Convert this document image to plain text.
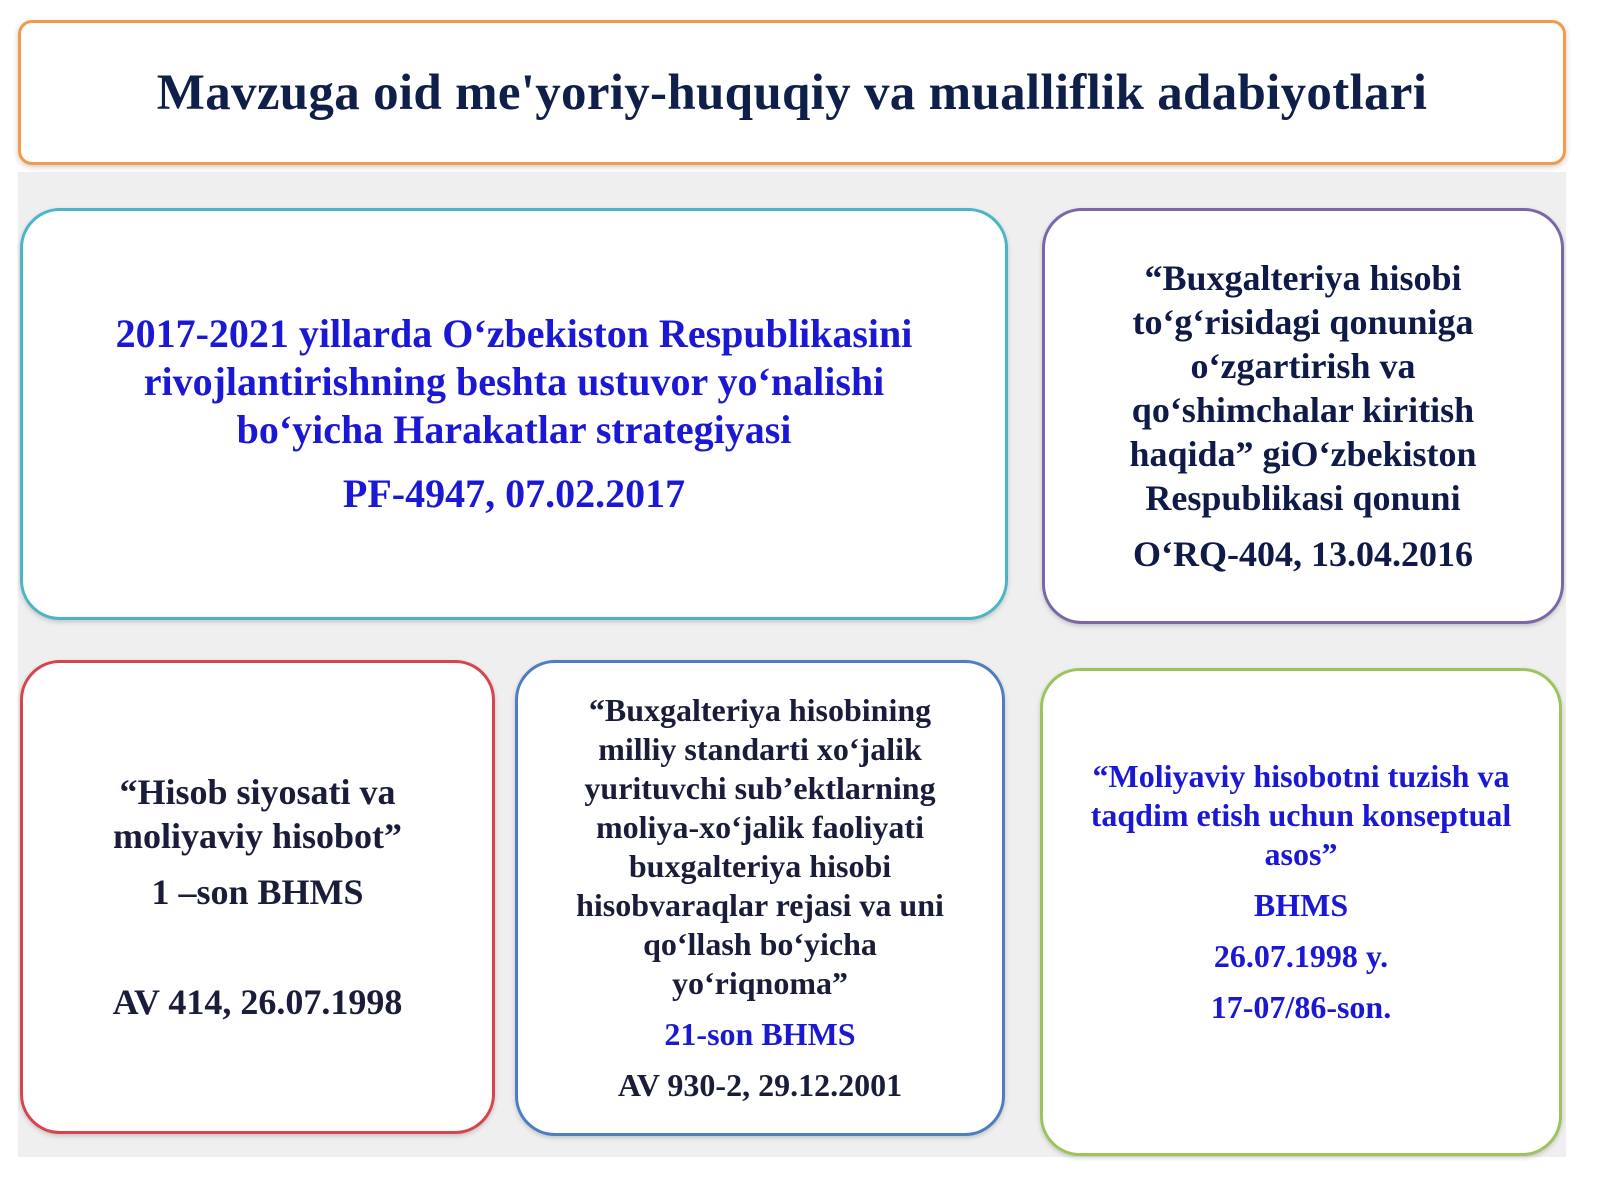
Mavzuga oid me'yoriy-huquqiy va mualliflik adabiyotlari
2017-2021 yillarda O‘zbekiston Respublikasini
rivojlantirishning beshta ustuvor yo‘nalishi
bo‘yicha Harakatlar strategiyasi
PF-4947, 07.02.2017
“Buxgalteriya hisobi
to‘g‘risidagi qonuniga
o‘zgartirish va
qo‘shimchalar kiritish
haqida” giO‘zbekiston
Respublikasi qonuni
O‘RQ-404, 13.04.2016
“Hisob siyosati va
moliyaviy hisobot”
1 –son BHMS
AV 414, 26.07.1998
“Buxgalteriya hisobining
milliy standarti xo‘jalik
yurituvchi sub’ektlarning
moliya-xo‘jalik faoliyati
buxgalteriya hisobi
hisobvaraqlar rejasi va uni
qo‘llash bo‘yicha
yo‘riqnoma”
21-son BHMS
AV 930-2, 29.12.2001
“Moliyaviy hisobotni tuzish va
taqdim etish uchun konseptual
asos”
BHMS
26.07.1998 y.
17-07/86-son.
